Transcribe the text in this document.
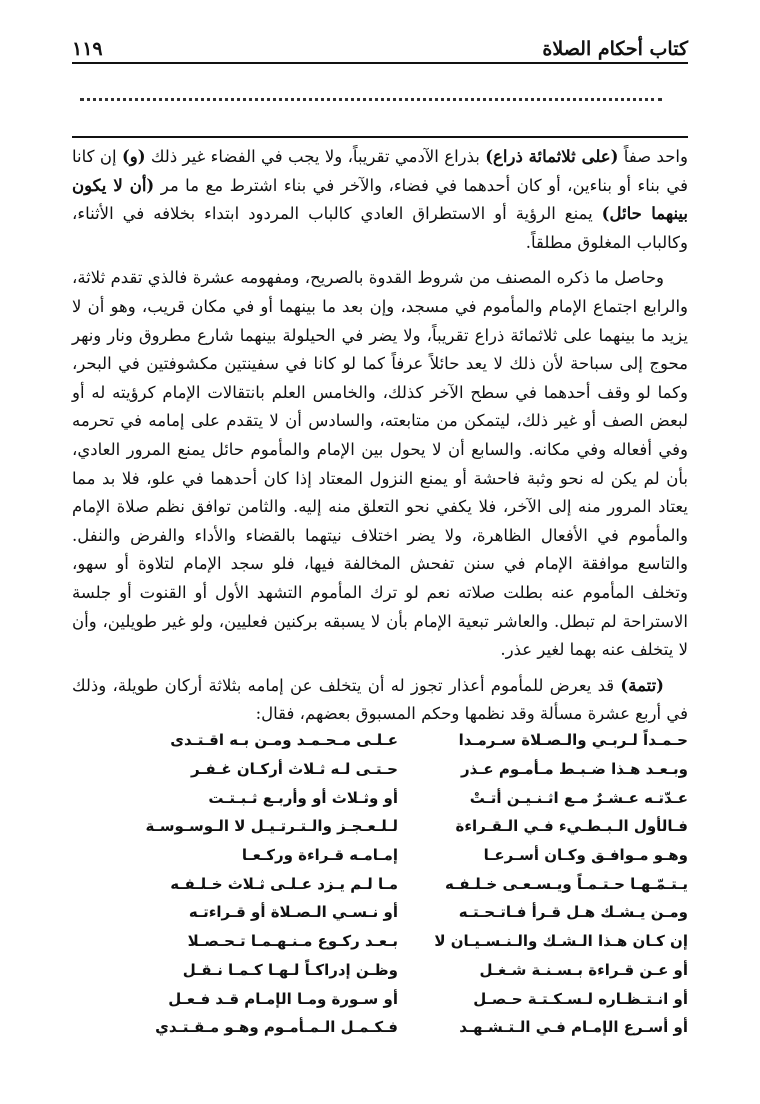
كتاب أحكام الصلاة
١١٩

واحد صفاً (على ثلاثمائة ذراع) بذراع الآدمي تقريباً، ولا يجب في الفضاء غير ذلك (و) إن كانا في بناء أو بناءين، أو كان أحدهما في فضاء، والآخر في بناء اشترط مع ما مر (أن لا يكون بينهما حائل) يمنع الرؤية أو الاستطراق العادي كالباب المردود ابتداء بخلافه في الأثناء، وكالباب المغلوق مطلقاً.

وحاصل ما ذكره المصنف من شروط القدوة بالصريح، ومفهومه عشرة فالذي تقدم ثلاثة، والرابع اجتماع الإمام والمأموم في مسجد، وإن بعد ما بينهما أو في مكان قريب، وهو أن لا يزيد ما بينهما على ثلاثمائة ذراع تقريباً، ولا يضر في الحيلولة بينهما شارع مطروق ونار ونهر محوج إلى سباحة لأن ذلك لا يعد حائلاً عرفاً كما لو كانا في سفينتين مكشوفتين في البحر، وكما لو وقف أحدهما في سطح الآخر كذلك، والخامس العلم بانتقالات الإمام كرؤيته له أو لبعض الصف أو غير ذلك، ليتمكن من متابعته، والسادس أن لا يتقدم على إمامه في تحرمه وفي أفعاله وفي مكانه. والسابع أن لا يحول بين الإمام والمأموم حائل يمنع المرور العادي، بأن لم يكن له نحو وثبة فاحشة أو يمنع النزول المعتاد إذا كان أحدهما في علو، فلا بد مما يعتاد المرور منه إلى الآخر، فلا يكفي نحو التعلق منه إليه. والثامن توافق نظم صلاة الإمام والمأموم في الأفعال الظاهرة، ولا يضر اختلاف نيتهما بالقضاء والأداء والفرض والنفل. والتاسع موافقة الإمام في سنن تفحش المخالفة فيها، فلو سجد الإمام لتلاوة أو سهو، وتخلف المأموم عنه بطلت صلاته نعم لو ترك المأموم التشهد الأول أو القنوت أو جلسة الاستراحة لم تبطل. والعاشر تبعية الإمام بأن لا يسبقه بركنين فعليين، ولو غير طويلين، وأن لا يتخلف عنه بهما لغير عذر.

(تتمة) قد يعرض للمأموم أعذار تجوز له أن يتخلف عن إمامه بثلاثة أركان طويلة، وذلك في أربع عشرة مسألة وقد نظمها وحكم المسبوق بعضهم، فقال:

حـمـداً لـربـي والـصـلاة سـرمـدا
عـلـى مـحـمـد ومـن بـه اقـتـدى
وبـعـد هـذا ضـبـط مـأمـوم عـذر
حـتـى لـه ثـلاث أركـان غـفـر
عـدّتـه عـشـرٌ مـع اثـنـيـن أتـتْ
أو وثـلاث أو وأربـع ثـبـتـت
فـالأول الـبـطـيء فـي الـقـراءة
لـلـعـجـز والـتـرتـيـل لا الـوسـوسـة
وهـو مـوافـق وكـان أسـرعـا
إمـامـه قـراءة وركـعـا
يـتـمّـهـا حـتـمـاً ويـسـعـى خـلـفـه
مـا لـم يـزد عـلـى ثـلاث خـلـفـه
ومـن يـشـك هـل قـرأ فـاتـحـتـه
أو نـسـي الـصـلاة أو قـراءتـه
إن كـان هـذا الـشـك والـنـسـيـان لا
بـعـد ركـوع مـنـهـمـا تـحـصـلا
أو عـن قـراءة بـسـنـة شـغـل
وظـن إدراكـاً لـهـا كـمـا نـقـل
أو انـتـظـاره لـسـكـتـة حـصـل
أو سـورة ومـا الإمـام قـد فـعـل
أو أسـرع الإمـام فـي الـتـشـهـد
فـكـمـل الـمـأمـوم وهـو مـقـتـدي
